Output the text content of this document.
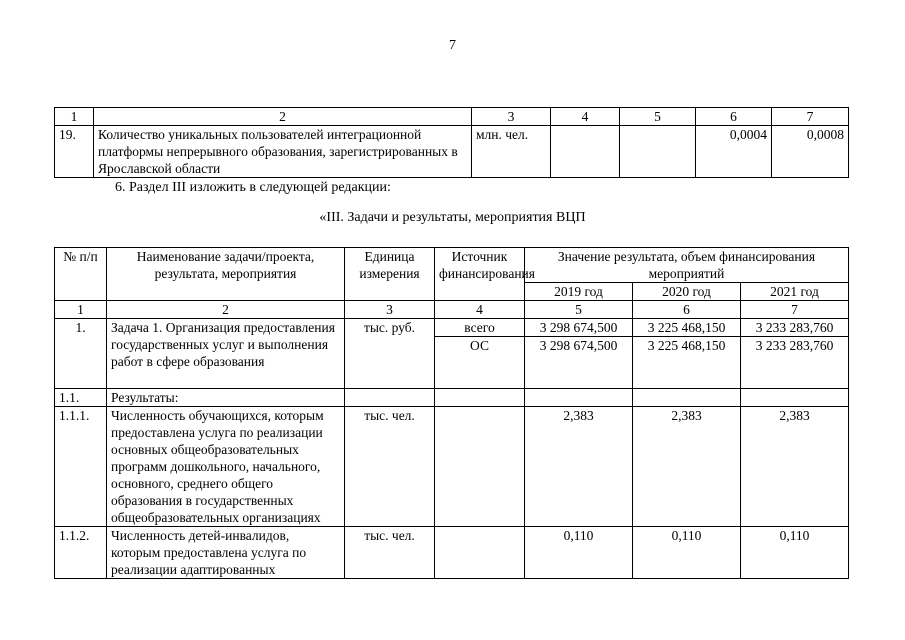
7
1	2	3	4	5	6	7
19.	Количество уникальных пользователей интеграционной платформы непрерывного образования, зарегистрированных в Ярославской области	млн. чел.			0,0004	0,0008
6. Раздел III изложить в следующей редакции:
«III. Задачи и результаты, мероприятия ВЦП
№ п/п	Наименование задачи/проекта, результата, мероприятия	Единица измерения	Источник финансирования	Значение результата, объем финансирования мероприятий		
				2019 год	2020 год	2021 год
1	2	3	4	5	6	7
1.	Задача 1. Организация предоставления государственных услуг и выполнения работ в сфере образования	тыс. руб.	всего	3 298 674,500	3 225 468,150	3 233 283,760
			ОС	3 298 674,500	3 225 468,150	3 233 283,760
1.1.	Результаты:					
1.1.1.	Численность обучающихся, которым предоставлена услуга по реализации основных общеобразовательных программ дошкольного, начального, основного, среднего общего образования в государственных общеобразовательных организациях	тыс. чел.		2,383	2,383	2,383
1.1.2.	Численность детей-инвалидов, которым предоставлена услуга по реализации адаптированных	тыс. чел.		0,110	0,110	0,110
